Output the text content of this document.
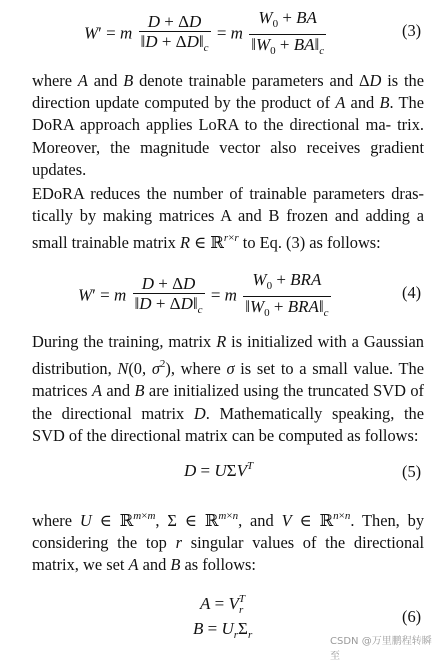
W′ = m $\frac{D + \Delta D}{‖D + \Delta D‖_c} = m \frac{W_0 + BA}{‖W_0 + BA‖_c}$	(3)

where A and B denote trainable parameters and ΔD is the direction update computed by the product of A and B. The DoRA approach applies LoRA to the directional ma- trix. Moreover, the magnitude vector also receives gradient updates.

EDoRA reduces the number of trainable parameters dras- tically by making matrices A and B frozen and adding a small trainable matrix R ∈ ℝ$^{r\times r}$ to Eq. (3) as follows:

W′ = m $\frac{D + \Delta D}{‖D + \Delta D‖_c} = m \frac{W_0 + BRA}{‖W_0 + BRA‖_c}$	(4)

During the training, matrix R is initialized with a Gaussian distribution, N(0, $\sigma^2$), where σ is set to a small value. The matrices A and B are initialized using the truncated SVD of the directional matrix D. Mathematically speaking, the SVD of the directional matrix can be computed as follows:

$D = U\Sigma V^T$	(5)

where U ∈ ℝ$^{m\times m}$, Σ ∈ ℝ$^{m\times n}$, and V ∈ ℝ$^{n\times n}$. Then, by considering the top r singular values of the directional matrix, we set A and B as follows:

$A = V^T_r$
$B = U_r\Sigma_r$
(6)
CSDN @万里鹏程转瞬至
